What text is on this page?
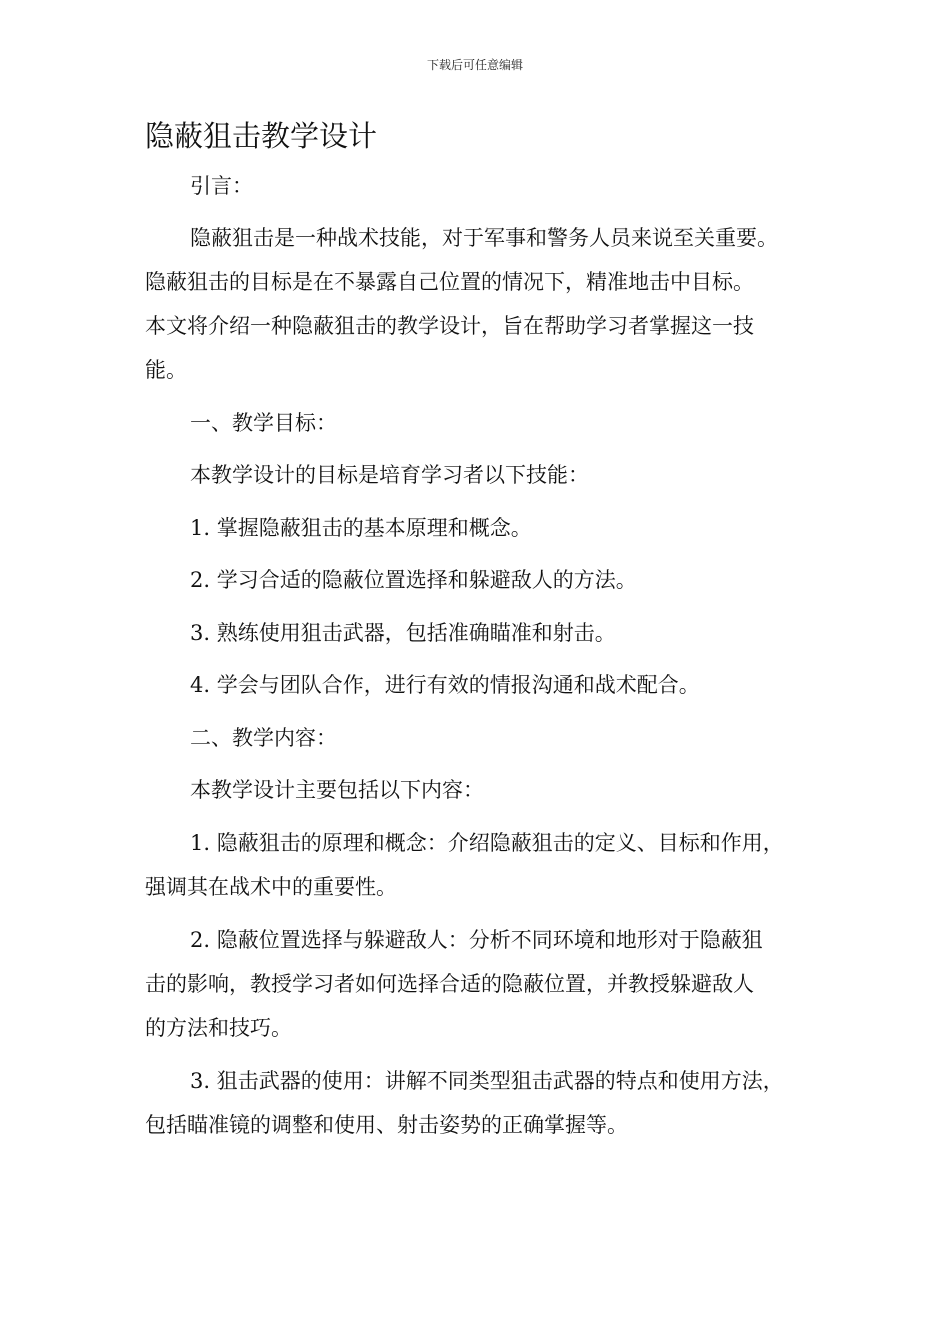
下载后可任意编辑
隐蔽狙击教学设计
引言：
隐蔽狙击是一种战术技能，对于军事和警务人员来说至关重要。
隐蔽狙击的目标是在不暴露自己位置的情况下，精准地击中目标。
本文将介绍一种隐蔽狙击的教学设计，旨在帮助学习者掌握这一技
能。
一、教学目标：
本教学设计的目标是培育学习者以下技能：
1. 掌握隐蔽狙击的基本原理和概念。
2. 学习合适的隐蔽位置选择和躲避敌人的方法。
3. 熟练使用狙击武器，包括准确瞄准和射击。
4. 学会与团队合作，进行有效的情报沟通和战术配合。
二、教学内容：
本教学设计主要包括以下内容：
1. 隐蔽狙击的原理和概念：介绍隐蔽狙击的定义、目标和作用，
强调其在战术中的重要性。
2. 隐蔽位置选择与躲避敌人：分析不同环境和地形对于隐蔽狙
击的影响，教授学习者如何选择合适的隐蔽位置，并教授躲避敌人
的方法和技巧。
3. 狙击武器的使用：讲解不同类型狙击武器的特点和使用方法，
包括瞄准镜的调整和使用、射击姿势的正确掌握等。
